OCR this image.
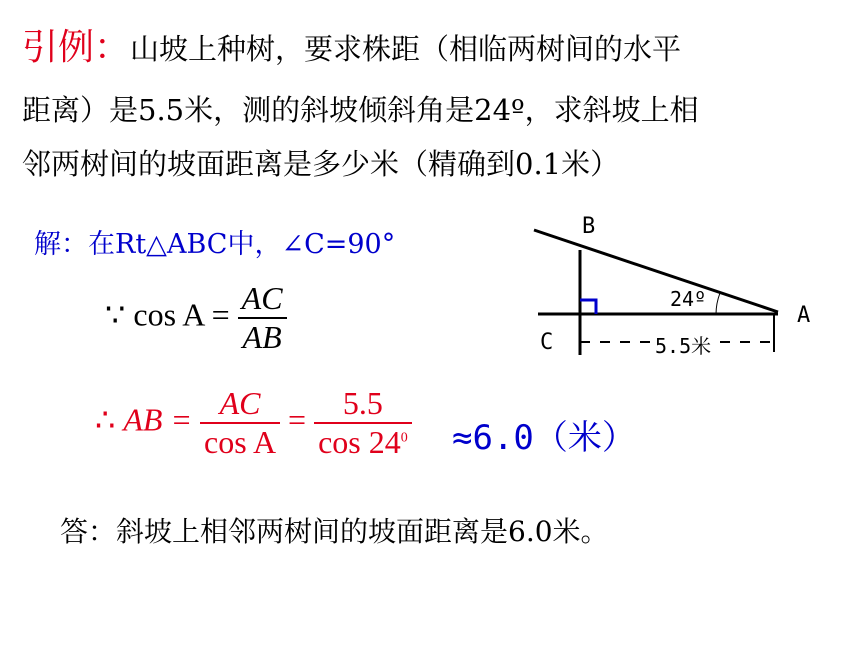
引例：山坡上种树，要求株距（相临两树间的水平
距离）是5.5米，测的斜坡倾斜角是24º，求斜坡上相
邻两树间的坡面距离是多少米（精确到0.1米）
解：在Rt△ABC中，∠C=90°
∵ $\cos A = \frac{AC}{AB}$
∴ AB = $\frac{AC}{\text{cos A}} = \frac{5.5}{\cos 24^0} \approx 6.0$（米）
答：斜坡上相邻两树间的坡面距离是6.0米。
B
C
A
24º
5.5米
